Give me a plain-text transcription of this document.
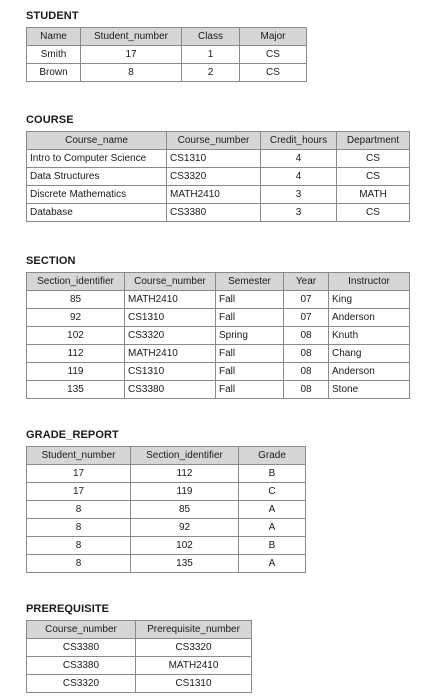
STUDENT
Name	Student_number	Class	Major
Smith	17	1	CS
Brown	8	2	CS
COURSE
Course_name	Course_number	Credit_hours	Department
Intro to Computer Science	CS1310	4	CS
Data Structures	CS3320	4	CS
Discrete Mathematics	MATH2410	3	MATH
Database	CS3380	3	CS
SECTION
Section_identifier	Course_number	Semester	Year	Instructor
85	MATH2410	Fall	07	King
92	CS1310	Fall	07	Anderson
102	CS3320	Spring	08	Knuth
112	MATH2410	Fall	08	Chang
119	CS1310	Fall	08	Anderson
135	CS3380	Fall	08	Stone
GRADE_REPORT
Student_number	Section_identifier	Grade
17	112	B
17	119	C
8	85	A
8	92	A
8	102	B
8	135	A
PREREQUISITE
Course_number	Prerequisite_number
CS3380	CS3320
CS3380	MATH2410
CS3320	CS1310
